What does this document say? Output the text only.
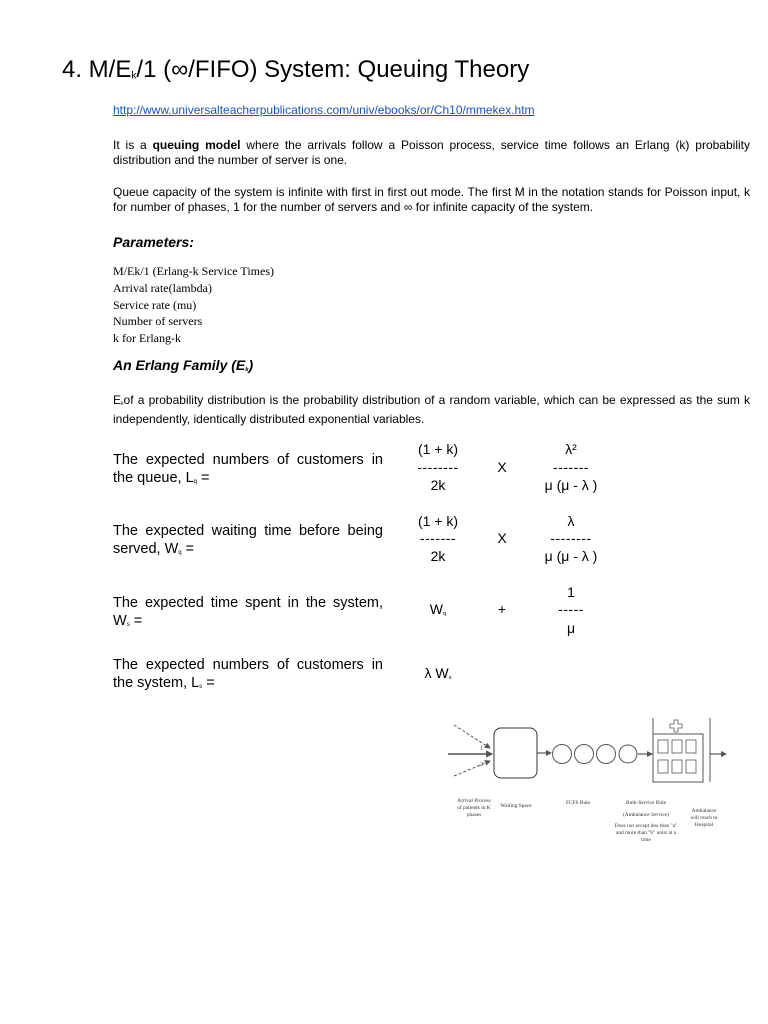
4. M/Ek/1 (∞/FIFO) System: Queuing Theory
http://www.universalteacherpublications.com/univ/ebooks/or/Ch10/mmekex.htm
It is a queuing model where the arrivals follow a Poisson process, service time follows an Erlang (k) probability distribution and the number of server is one.
Queue capacity of the system is infinite with first in first out mode. The first M in the notation stands for Poisson input, k for number of phases, 1 for the number of servers and ∞ for infinite capacity of the system.
Parameters:
M/Ek/1 (Erlang-k Service Times)
Arrival rate(lambda)
Service rate (mu)
Number of servers
k for Erlang-k
An Erlang Family (Ek)
Ekof a probability distribution is the probability distribution of a random variable, which can be expressed as the sum k independently, identically distributed exponential variables.
The expected numbers of customers in the queue, Lq =
(1 + k)
--------
2k
X
λ²
-------
μ (μ - λ )
The expected waiting time before being served, Wq =
(1 + k)
-------
2k
X
λ
--------
μ (μ - λ )
The expected time spent in the system, Ws =
Wq	+
1
-----
μ
The expected numbers of customers in the system, Ls =
λ Ws
1
2
Arrival Process
of patients in K
phases
Waiting Space	FCFS Rule	Bulk-Service Rule
(Ambulance Service)
Does not accept less than "a"
and more than "b" units at a
time
Ambulance
will reach to
Hospital
